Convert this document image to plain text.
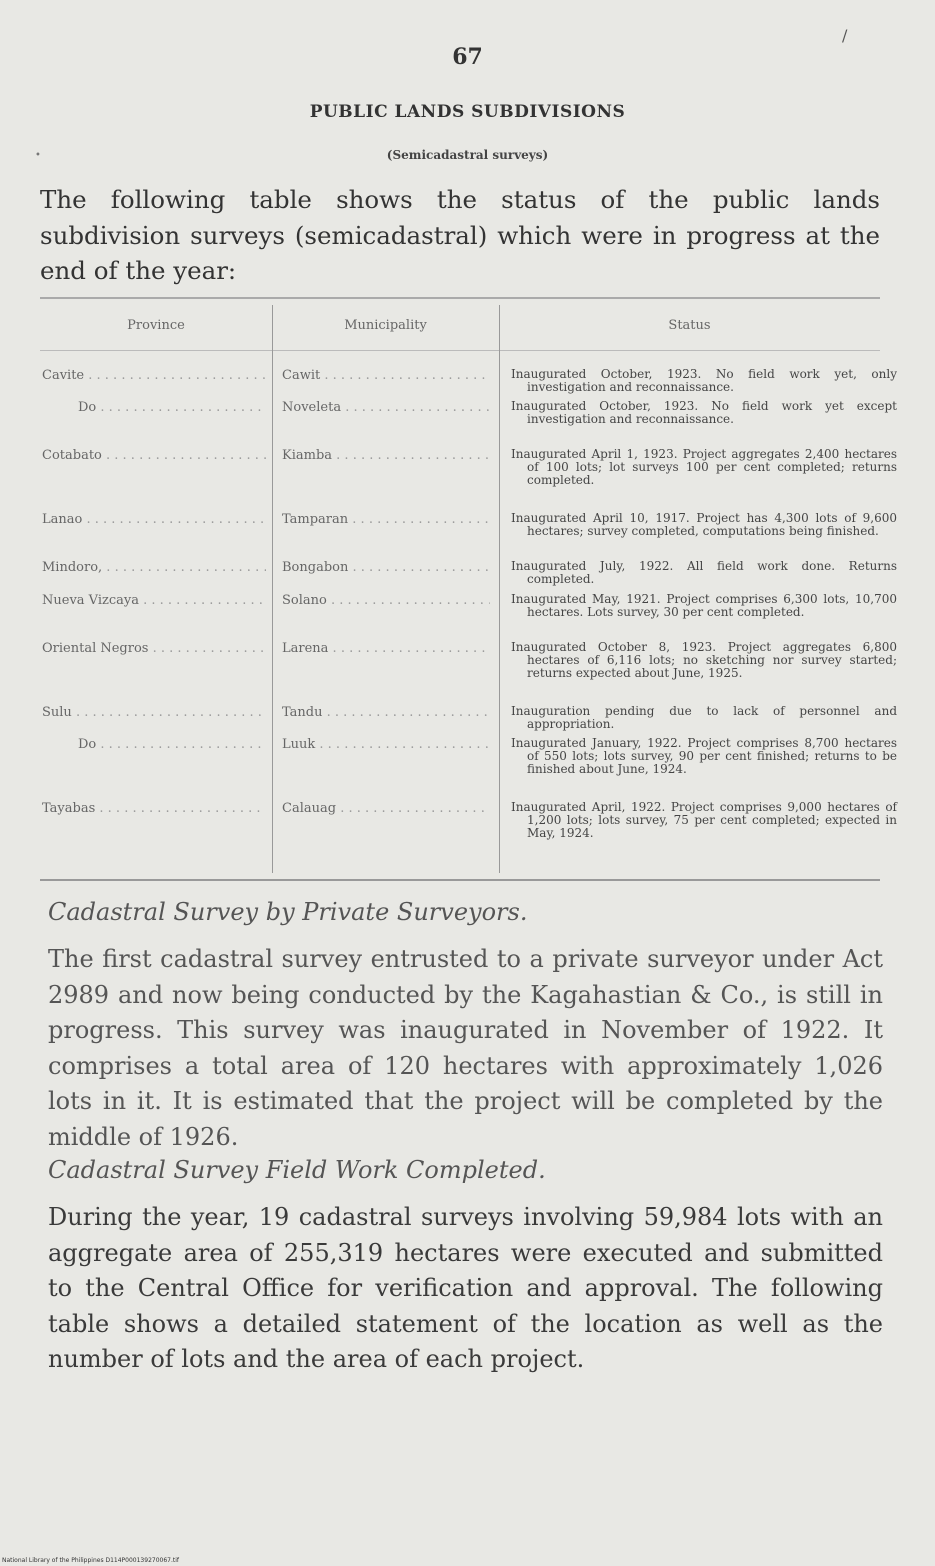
/
67
PUBLIC LANDS SUBDIVISIONS
•	(Semicadastral surveys)
The following table shows the status of the public lands subdivision surveys (semicadastral) which were in progress at the end of the year:
Province	Municipality	Status
Cavite . . .	Cawit . . .	Inaugurated October, 1923. No field work yet, only investigation and reconnaissance.
Do . . .	Noveleta . . .	Inaugurated October, 1923. No field work yet except investigation and reconnaissance.
Cotabato . . .	Kiamba . . .	Inaugurated April 1, 1923. Project aggregates 2,400 hectares of 100 lots; lot surveys 100 per cent completed; returns completed.
Lanao . . .	Tamparan . . .	Inaugurated April 10, 1917. Project has 4,300 lots of 9,600 hectares; survey completed, computations being finished.
Mindoro, . . .	Bongabon . . .	Inaugurated July, 1922. All field work done. Returns completed.
Nueva Vizcaya . . .	Solano . . .	Inaugurated May, 1921. Project comprises 6,300 lots, 10,700 hectares. Lots survey, 30 per cent completed.
Oriental Negros . . .	Larena . . .	Inaugurated October 8, 1923. Project aggregates 6,800 hectares of 6,116 lots; no sketching nor survey started; returns expected about June, 1925.
Sulu . . .	Tandu . . .	Inauguration pending due to lack of personnel and appropriation.
Do . . .	Luuk . . .	Inaugurated January, 1922. Project comprises 8,700 hectares of 550 lots; lots survey, 90 per cent finished; returns to be finished about June, 1924.
Tayabas . . .	Calauag . . .	Inaugurated April, 1922. Project comprises 9,000 hectares of 1,200 lots; lots survey, 75 per cent completed; expected in May, 1924.
Cadastral Survey by Private Surveyors.
The first cadastral survey entrusted to a private surveyor under Act 2989 and now being conducted by the Kagahastian & Co., is still in progress. This survey was inaugurated in November of 1922. It comprises a total area of 120 hectares with approximately 1,026 lots in it. It is estimated that the project will be completed by the middle of 1926.
Cadastral Survey Field Work Completed.
During the year, 19 cadastral surveys involving 59,984 lots with an aggregate area of 255,319 hectares were executed and submitted to the Central Office for verification and approval. The following table shows a detailed statement of the location as well as the number of lots and the area of each project.
National Library of the Philippines D114P000139270067.tif
